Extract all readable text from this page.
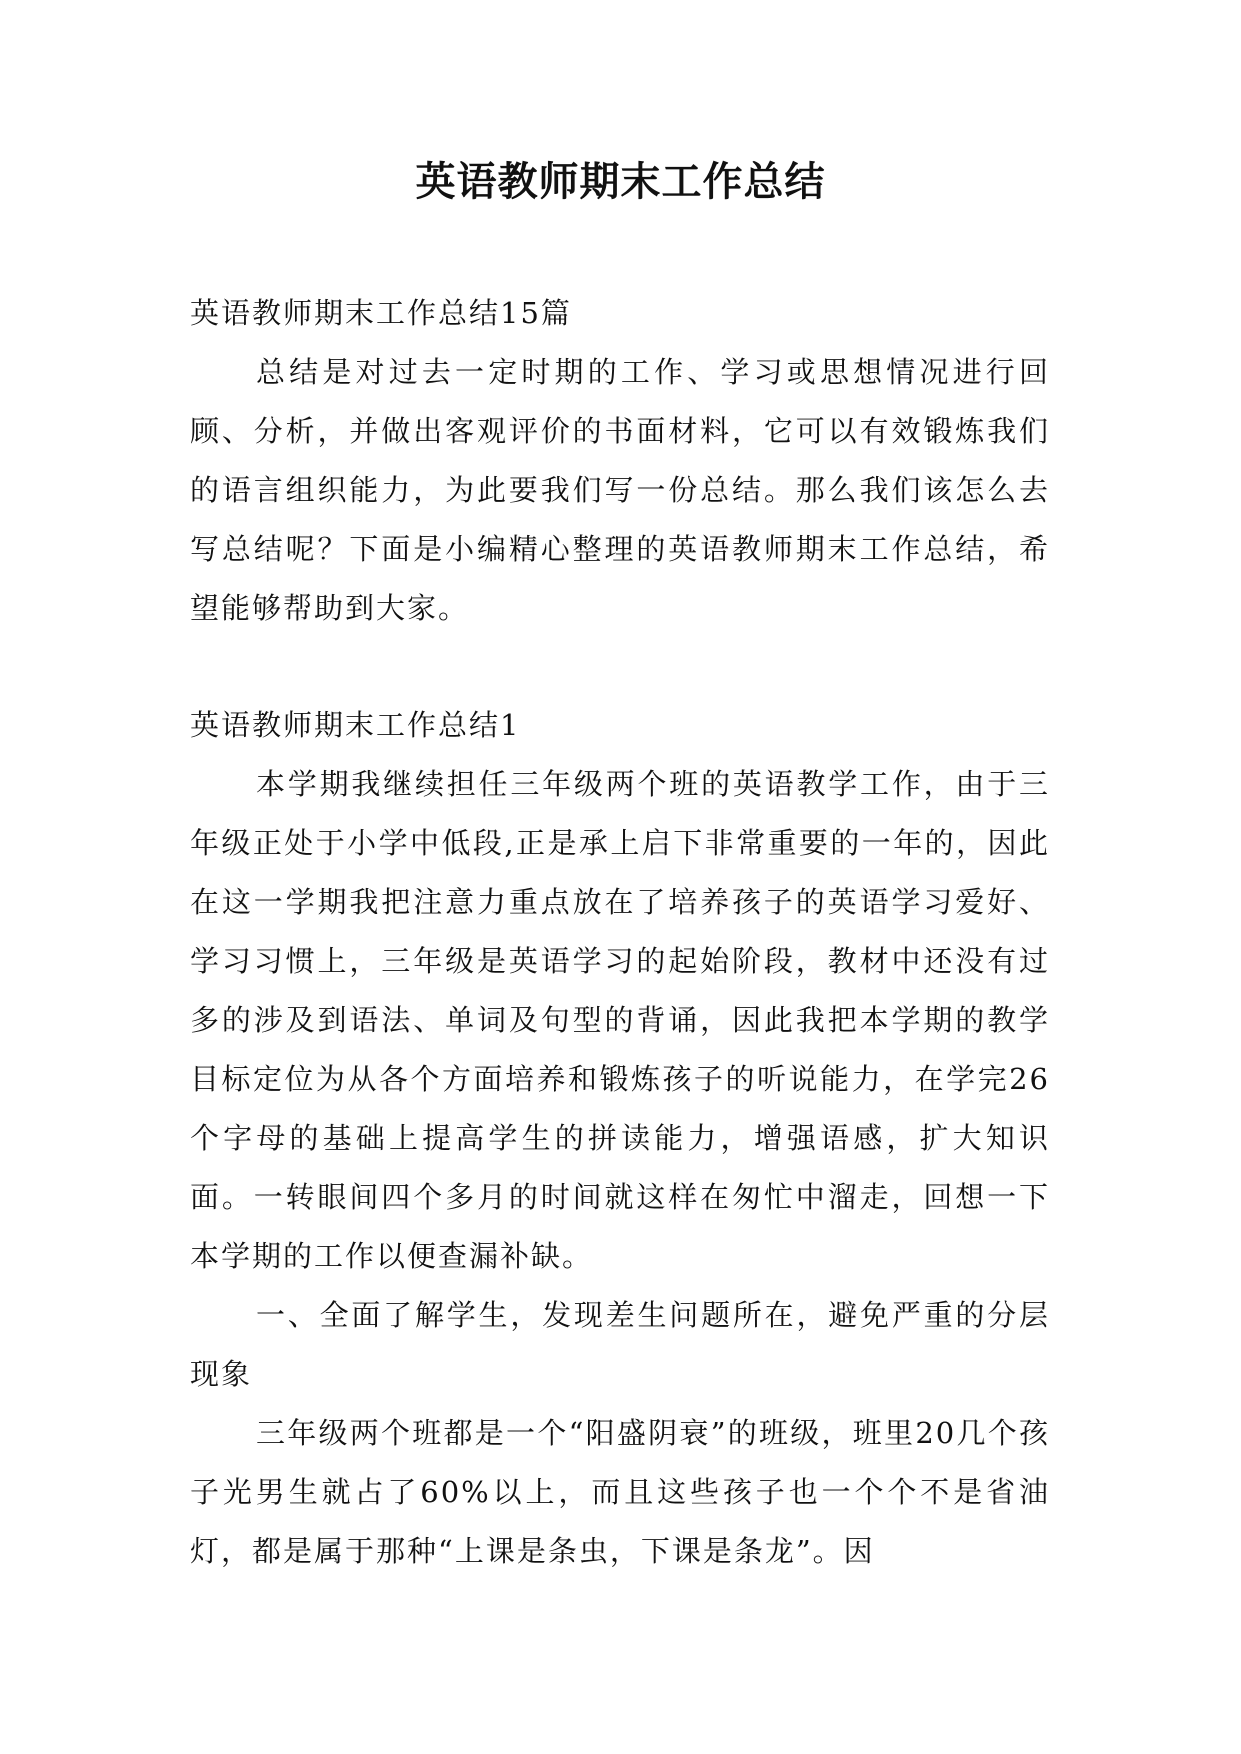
英语教师期末工作总结

英语教师期末工作总结15篇

总结是对过去一定时期的工作、学习或思想情况进行回顾、分析，并做出客观评价的书面材料，它可以有效锻炼我们的语言组织能力，为此要我们写一份总结。那么我们该怎么去写总结呢？下面是小编精心整理的英语教师期末工作总结，希望能够帮助到大家。

英语教师期末工作总结1

本学期我继续担任三年级两个班的英语教学工作，由于三年级正处于小学中低段,正是承上启下非常重要的一年的，因此在这一学期我把注意力重点放在了培养孩子的英语学习爱好、学习习惯上，三年级是英语学习的起始阶段，教材中还没有过多的涉及到语法、单词及句型的背诵，因此我把本学期的教学目标定位为从各个方面培养和锻炼孩子的听说能力，在学完26个字母的基础上提高学生的拼读能力，增强语感，扩大知识面。一转眼间四个多月的时间就这样在匆忙中溜走，回想一下本学期的工作以便查漏补缺。

一、全面了解学生，发现差生问题所在，避免严重的分层现象

三年级两个班都是一个“阳盛阴衰”的班级，班里20几个孩子光男生就占了60%以上，而且这些孩子也一个个不是省油灯，都是属于那种“上课是条虫，下课是条龙”。因
